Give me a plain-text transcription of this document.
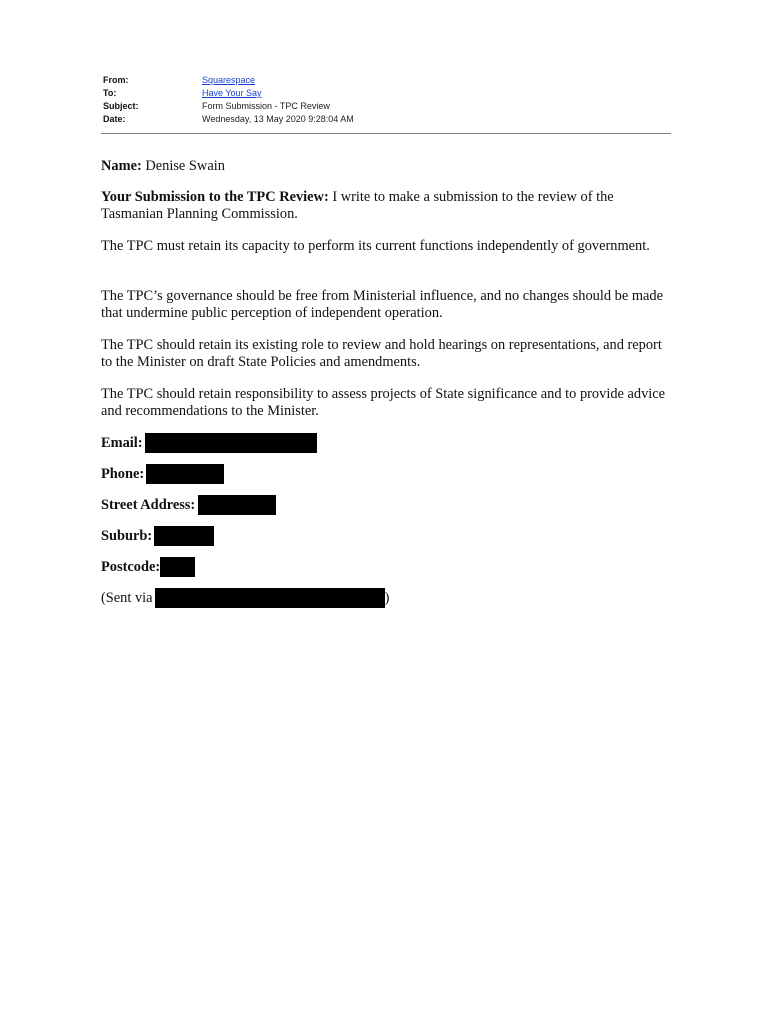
From:	Squarespace
To:	Have Your Say
Subject:	Form Submission - TPC Review
Date:	Wednesday, 13 May 2020 9:28:04 AM

Name: Denise Swain

Your Submission to the TPC Review: I write to make a submission to the review of the Tasmanian Planning Commission.

The TPC must retain its capacity to perform its current functions independently of government.

The TPC’s governance should be free from Ministerial influence, and no changes should be made that undermine public perception of independent operation.

The TPC should retain its existing role to review and hold hearings on representations, and report to the Minister on draft State Policies and amendments.

The TPC should retain responsibility to assess projects of State significance and to provide advice and recommendations to the Minister.

Email:
Phone:
Street Address:
Suburb:
Postcode:
(Sent via	)
